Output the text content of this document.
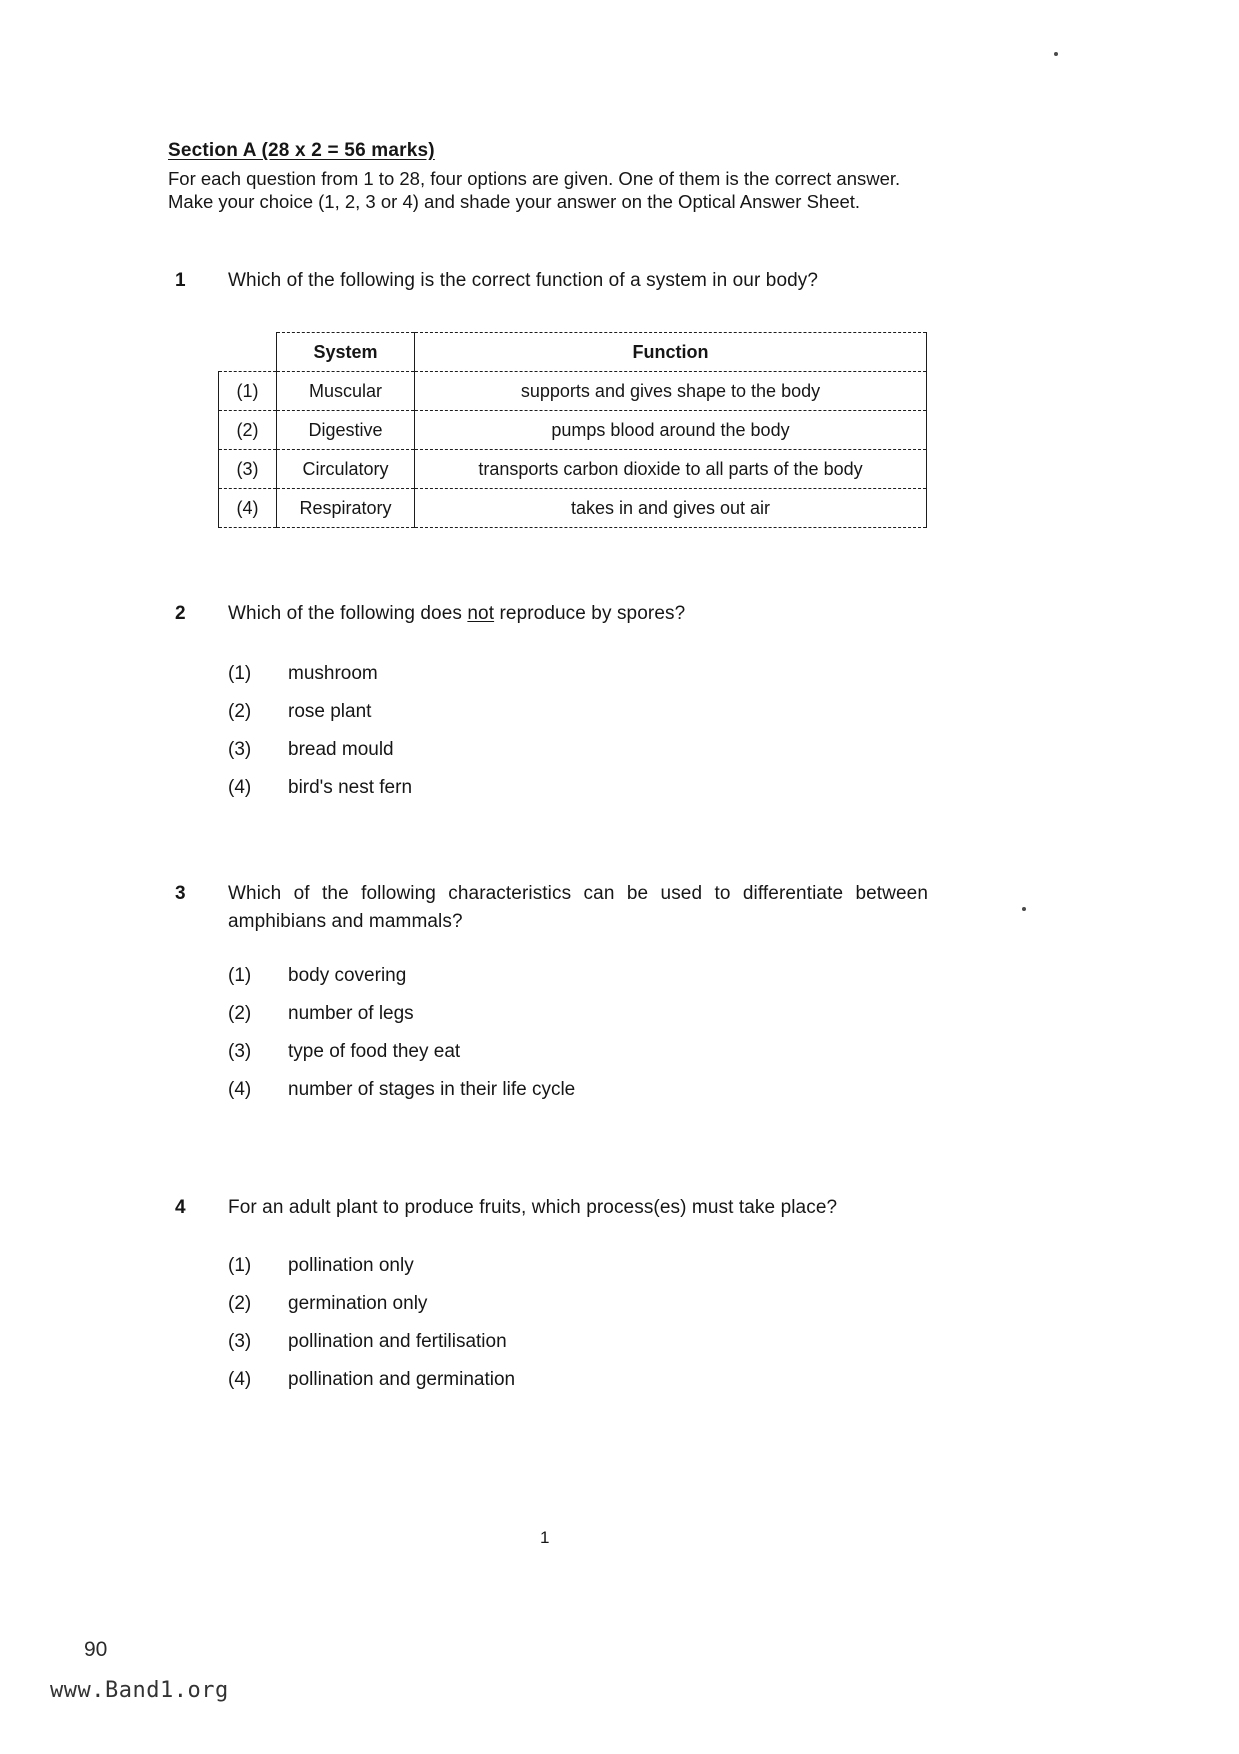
Section A (28 x 2 = 56 marks)
For each question from 1 to 28, four options are given. One of them is the correct answer.
Make your choice (1, 2, 3 or 4) and shade your answer on the Optical Answer Sheet.
1	Which of the following is the correct function of a system in our body?
	System	Function
(1)	Muscular	supports and gives shape to the body
(2)	Digestive	pumps blood around the body
(3)	Circulatory	transports carbon dioxide to all parts of the body
(4)	Respiratory	takes in and gives out air
2	Which of the following does not reproduce by spores?
(1)	mushroom
(2)	rose plant
(3)	bread mould
(4)	bird's nest fern
3	Which of the following characteristics can be used to differentiate between
amphibians and mammals?
(1)	body covering
(2)	number of legs
(3)	type of food they eat
(4)	number of stages in their life cycle
4	For an adult plant to produce fruits, which process(es) must take place?
(1)	pollination only
(2)	germination only
(3)	pollination and fertilisation
(4)	pollination and germination
1
90
www.Band1.org
